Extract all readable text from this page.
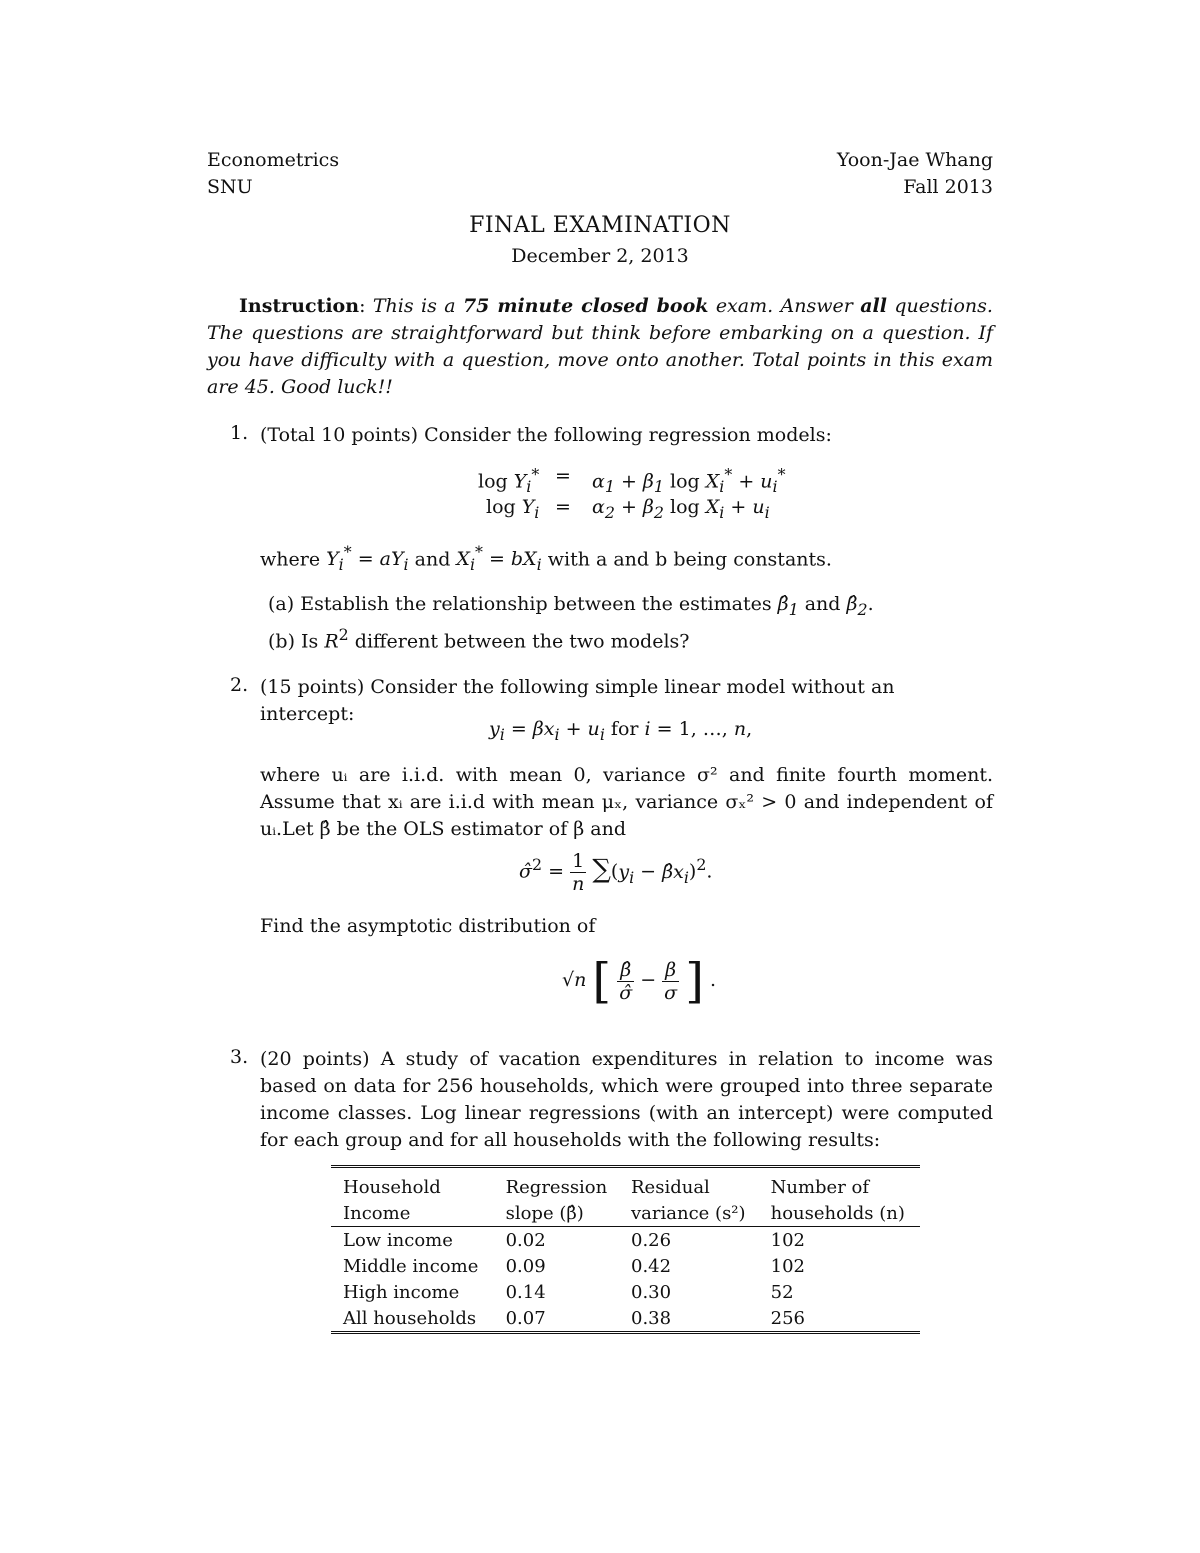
Econometrics
SNU
Yoon-Jae Whang
Fall 2013
FINAL EXAMINATION
December 2, 2013
Instruction: This is a 75 minute closed book exam. Answer all questions. The questions are straightforward but think before embarking on a question. If you have difficulty with a question, move onto another. Total points in this exam are 45. Good luck!!
1. (Total 10 points) Consider the following regression models:
$\log Y_i^* = \alpha_1 + \beta_1$ $\log X_i^* + u_i^*$
$\log Y_i = \alpha_2 + \beta_2$ $\log X_i + u_i$
where $Y_i^* = aY_i$ and $X_i^* = bX_i$ with a and b being constants.
(a) Establish the relationship between the estimates $\betâ_1$ and $\betâ_2$.
(b) Is $R^2$ different between the two models?
2. (15 points) Consider the following simple linear model without an intercept:
$y_i = \beta x_i + u_i$ for i = 1, …, n,
where uᵢ are i.i.d. with mean 0, variance σ² and finite fourth moment. Assume that xᵢ are i.i.d with mean μₓ, variance σₓ² > 0 and independent of uᵢ.Let β̂ be the OLS estimator of β and
σ̂$^2$ = $\frac{1}{n} \sum(y_i$ − $\betâx_i)^2$.
Find the asymptotic distribution of
√n [ $\frac{\betâ}{\sigmâ} - \frac{\beta}{\sigma}$ ] .
3. (20 points) A study of vacation expenditures in relation to income was based on data for 256 households, which were grouped into three separate income classes. Log linear regressions (with an intercept) were computed for each group and for all households with the following results:
Household	Regression	Residual	Number of
Income	slope (β̂)	variance (s²)	households (n)
Low income	0.02	0.26	102
Middle income	0.09	0.42	102
High income	0.14	0.30	52
All households	0.07	0.38	256
